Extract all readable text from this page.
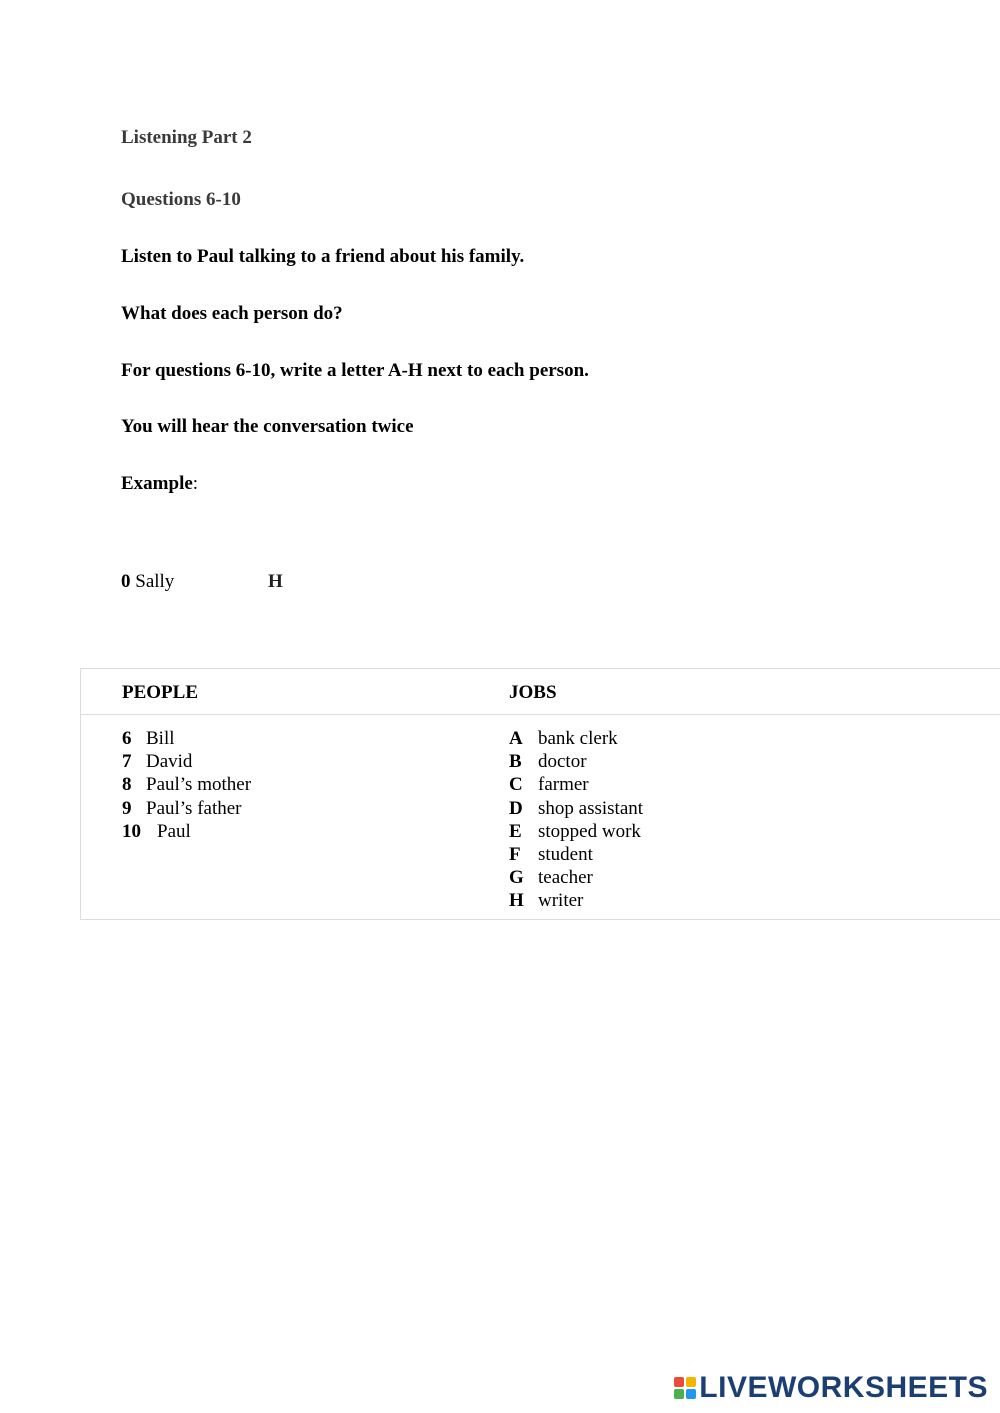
Listening Part 2
Questions 6-10
Listen to Paul talking to a friend about his family.
What does each person do?
For questions 6-10, write a letter A-H next to each person.
You will hear the conversation twice
Example:
0 Sally	H
PEOPLE	JOBS
6 Bill
7 David
8 Paul’s mother
9 Paul’s father
10 Paul
A bank clerk
B doctor
C farmer
D shop assistant
E stopped work
F student
G teacher
H writer
LIVEWORKSHEETS
